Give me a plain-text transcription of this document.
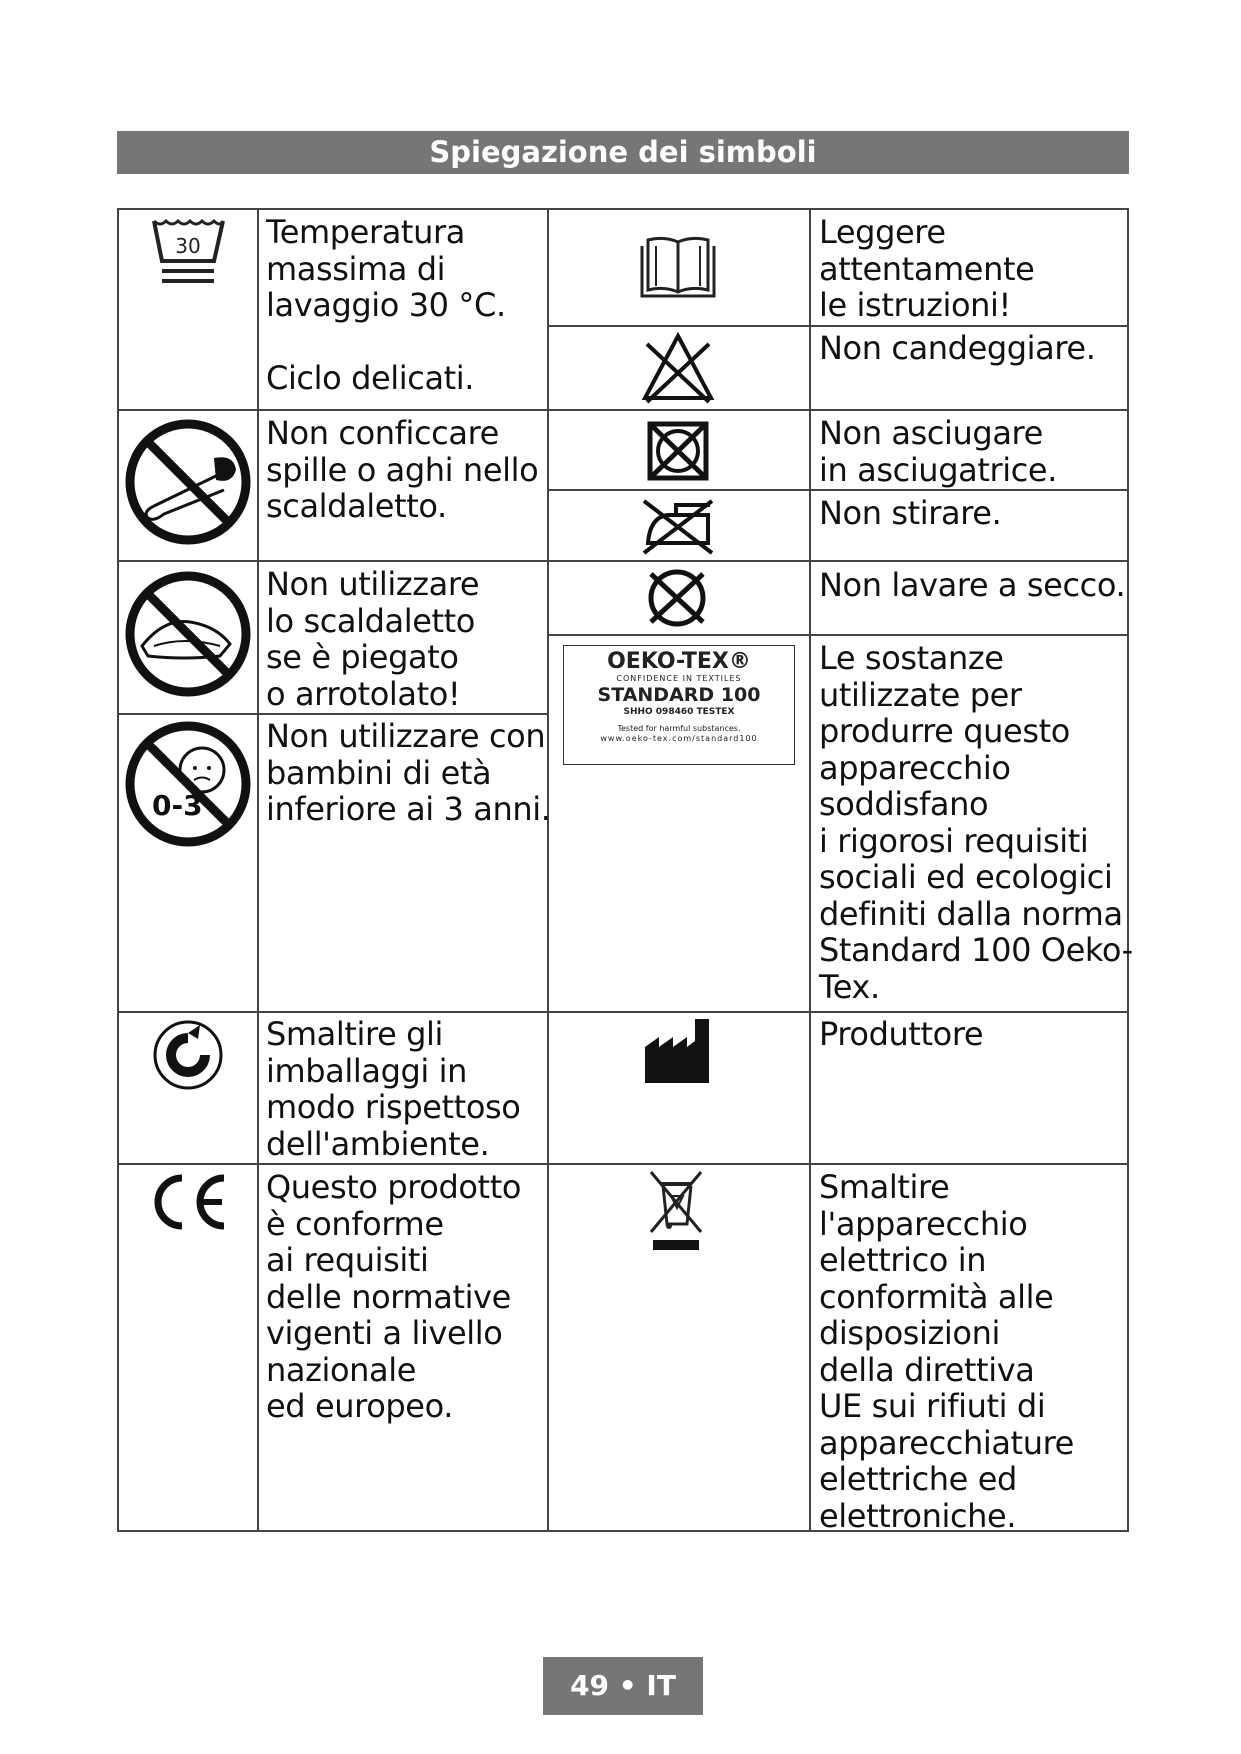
Spiegazione dei simboli
30
0-3
OEKO-TEX®
CONFIDENCE IN TEXTILES
STANDARD 100
SHHO 098460 TESTEX
Tested for harmful substances.
www.oeko-tex.com/standard100
Temperatura
massima di
lavaggio 30 °C.

Ciclo delicati.
Non conficcare
spille o aghi nello
scaldaletto.
Non utilizzare
lo scaldaletto
se è piegato
o arrotolato!
Non utilizzare con
bambini di età
inferiore ai 3 anni.
Smaltire gli
imballaggi in
modo rispettoso
dell'ambiente.
Questo prodotto
è conforme
ai requisiti
delle normative
vigenti a livello
nazionale
ed europeo.
Leggere
attentamente
le istruzioni!
Non candeggiare.
Non asciugare
in asciugatrice.
Non stirare.
Non lavare a secco.
Le sostanze
utilizzate per
produrre questo
apparecchio
soddisfano
i rigorosi requisiti
sociali ed ecologici
definiti dalla norma
Standard 100 Oeko-
Tex.
Produttore
Smaltire
l'apparecchio
elettrico in
conformità alle
disposizioni
della direttiva
UE sui rifiuti di
apparecchiature
elettriche ed
elettroniche.
49 • IT
